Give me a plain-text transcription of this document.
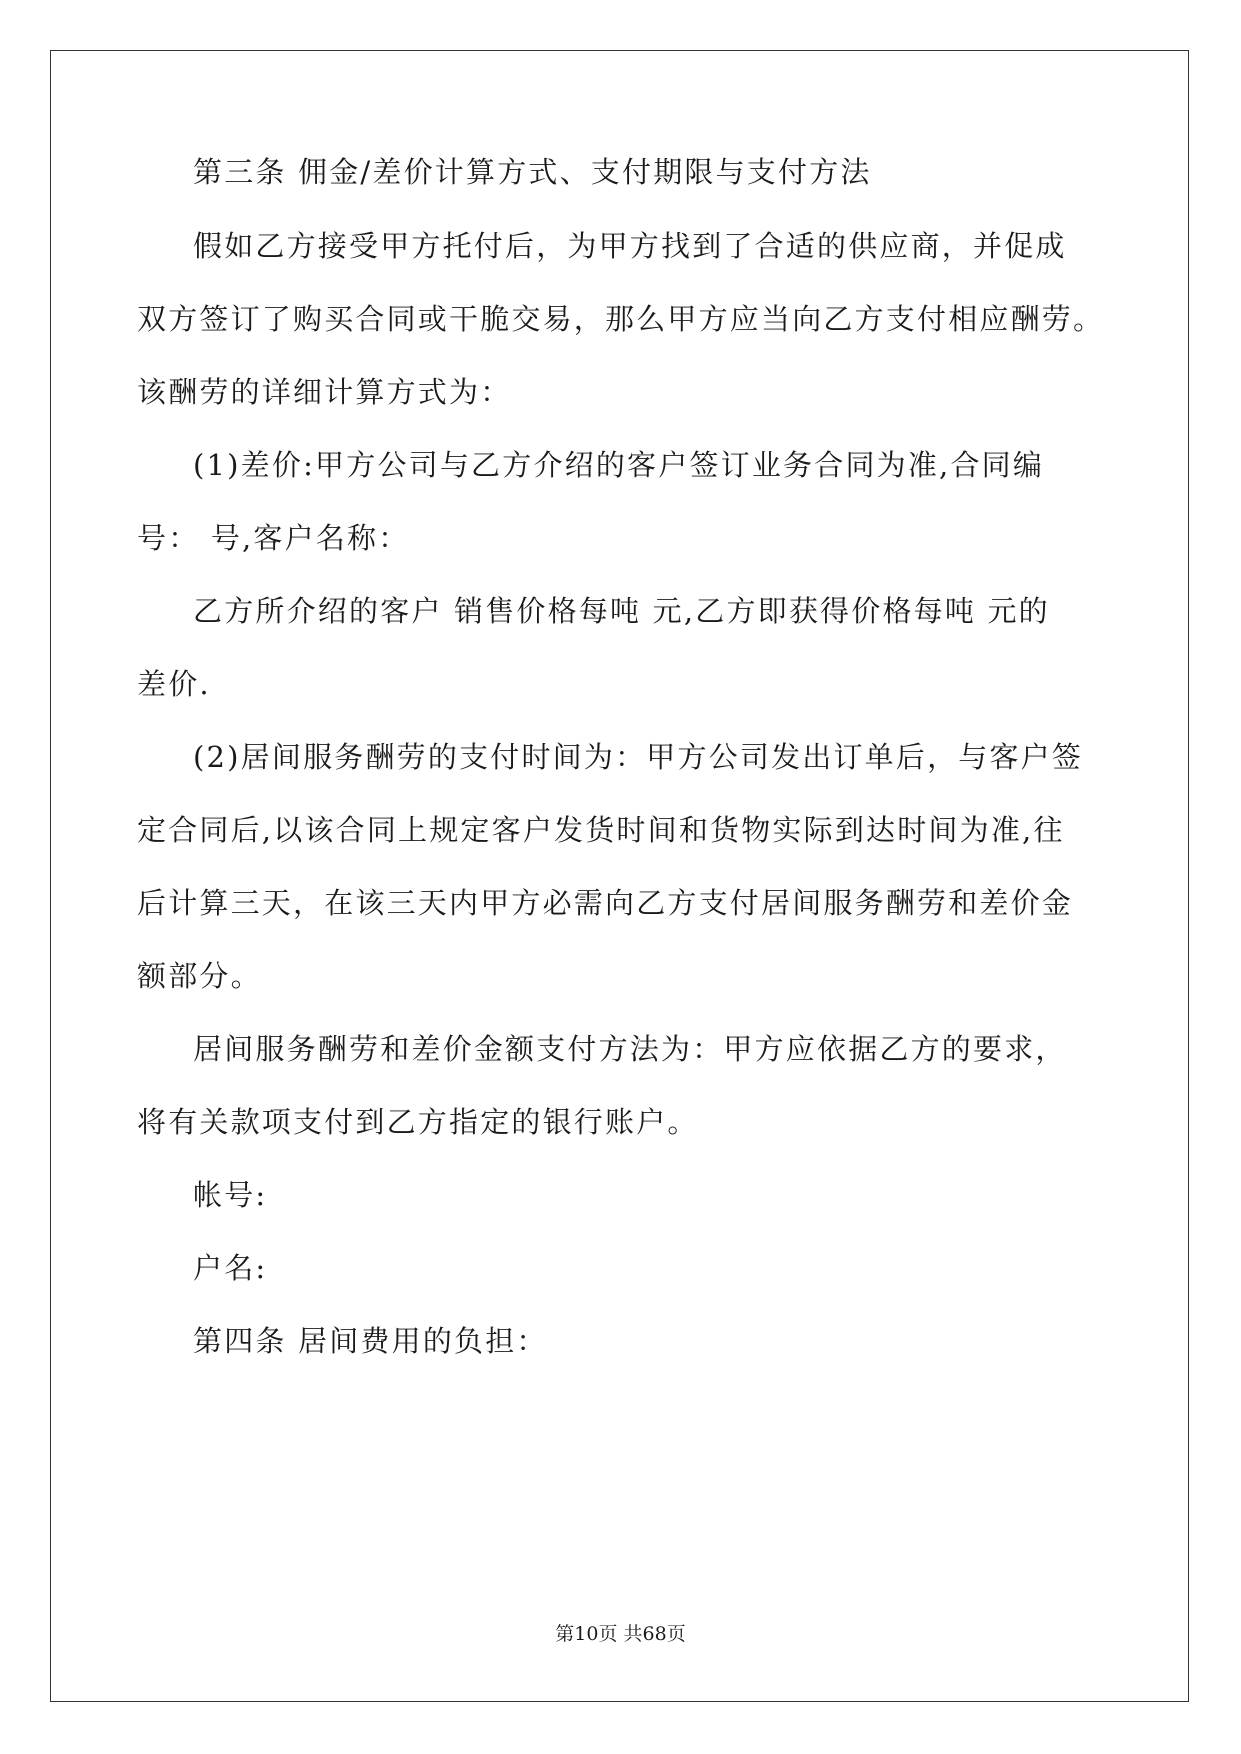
第三条 佣金/差价计算方式、支付期限与支付方法
假如乙方接受甲方托付后，为甲方找到了合适的供应商，并促成
双方签订了购买合同或干脆交易，那么甲方应当向乙方支付相应酬劳。
该酬劳的详细计算方式为：
(1)差价:甲方公司与乙方介绍的客户签订业务合同为准,合同编
号： 号,客户名称：
乙方所介绍的客户 销售价格每吨 元,乙方即获得价格每吨 元的
差价.
(2)居间服务酬劳的支付时间为：甲方公司发出订单后，与客户签
定合同后,以该合同上规定客户发货时间和货物实际到达时间为准,往
后计算三天，在该三天内甲方必需向乙方支付居间服务酬劳和差价金
额部分。
居间服务酬劳和差价金额支付方法为：甲方应依据乙方的要求，
将有关款项支付到乙方指定的银行账户。
帐号:
户名:
第四条 居间费用的负担：
第10页 共68页
